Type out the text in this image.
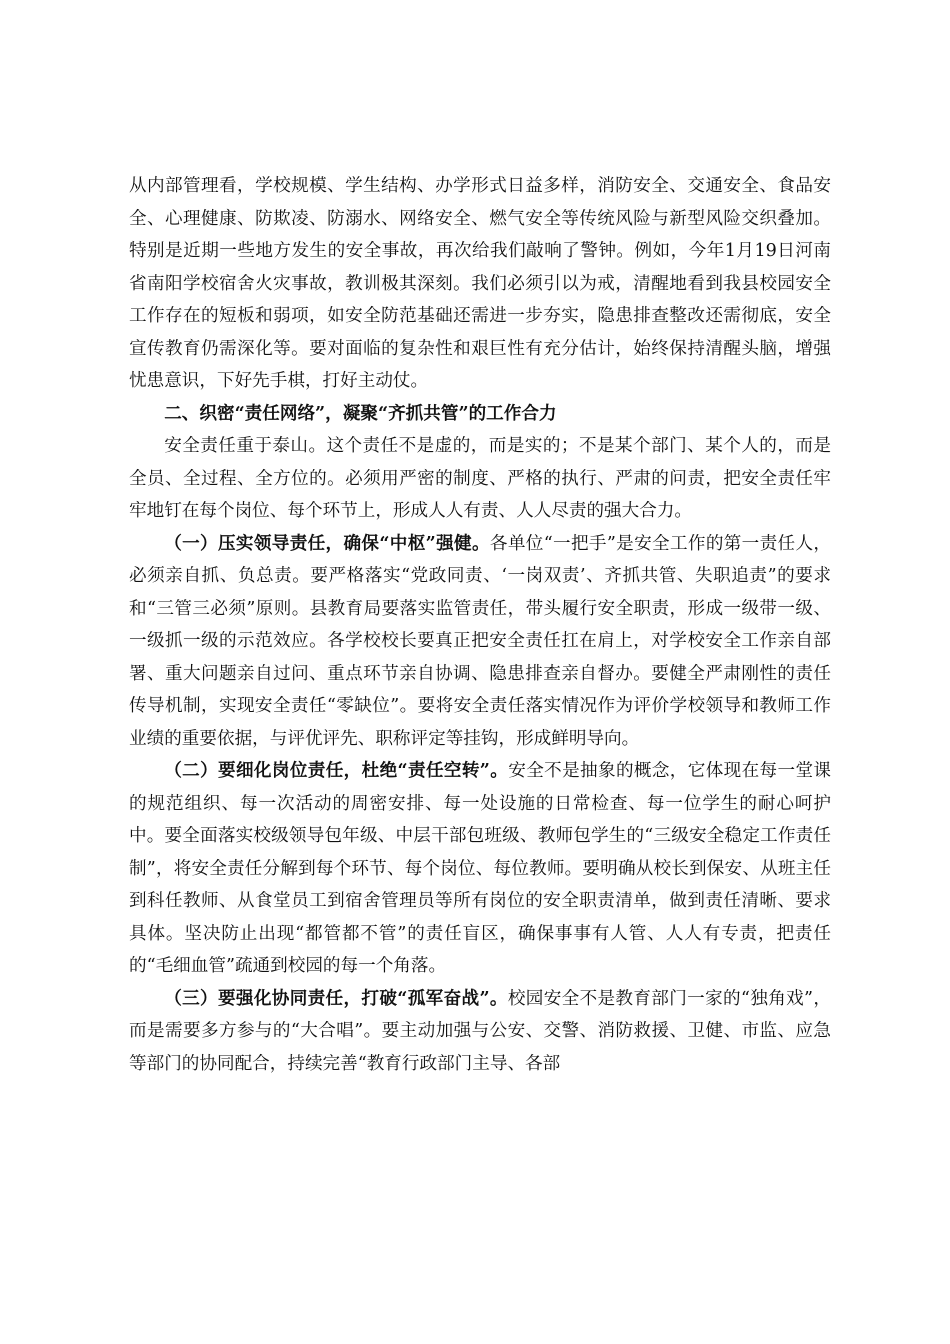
从内部管理看，学校规模、学生结构、办学形式日益多样，消防安全、交通安全、食品安全、心理健康、防欺凌、防溺水、网络安全、燃气安全等传统风险与新型风险交织叠加。特别是近期一些地方发生的安全事故，再次给我们敲响了警钟。例如，今年1月19日河南省南阳学校宿舍火灾事故，教训极其深刻。我们必须引以为戒，清醒地看到我县校园安全工作存在的短板和弱项，如安全防范基础还需进一步夯实，隐患排查整改还需彻底，安全宣传教育仍需深化等。要对面临的复杂性和艰巨性有充分估计，始终保持清醒头脑，增强忧患意识，下好先手棋，打好主动仗。

二、织密“责任网络”，凝聚“齐抓共管”的工作合力

安全责任重于泰山。这个责任不是虚的，而是实的；不是某个部门、某个人的，而是全员、全过程、全方位的。必须用严密的制度、严格的执行、严肃的问责，把安全责任牢牢地钉在每个岗位、每个环节上，形成人人有责、人人尽责的强大合力。

（一）压实领导责任，确保“中枢”强健。各单位“一把手”是安全工作的第一责任人，必须亲自抓、负总责。要严格落实“党政同责、‘一岗双责’、齐抓共管、失职追责”的要求和“三管三必须”原则。县教育局要落实监管责任，带头履行安全职责，形成一级带一级、一级抓一级的示范效应。各学校校长要真正把安全责任扛在肩上，对学校安全工作亲自部署、重大问题亲自过问、重点环节亲自协调、隐患排查亲自督办。要健全严肃刚性的责任传导机制，实现安全责任“零缺位”。要将安全责任落实情况作为评价学校领导和教师工作业绩的重要依据，与评优评先、职称评定等挂钩，形成鲜明导向。

（二）要细化岗位责任，杜绝“责任空转”。安全不是抽象的概念，它体现在每一堂课的规范组织、每一次活动的周密安排、每一处设施的日常检查、每一位学生的耐心呵护中。要全面落实校级领导包年级、中层干部包班级、教师包学生的“三级安全稳定工作责任制”，将安全责任分解到每个环节、每个岗位、每位教师。要明确从校长到保安、从班主任到科任教师、从食堂员工到宿舍管理员等所有岗位的安全职责清单，做到责任清晰、要求具体。坚决防止出现“都管都不管”的责任盲区，确保事事有人管、人人有专责，把责任的“毛细血管”疏通到校园的每一个角落。

（三）要强化协同责任，打破“孤军奋战”。校园安全不是教育部门一家的“独角戏”，而是需要多方参与的“大合唱”。要主动加强与公安、交警、消防救援、卫健、市监、应急等部门的协同配合，持续完善“教育行政部门主导、各部
